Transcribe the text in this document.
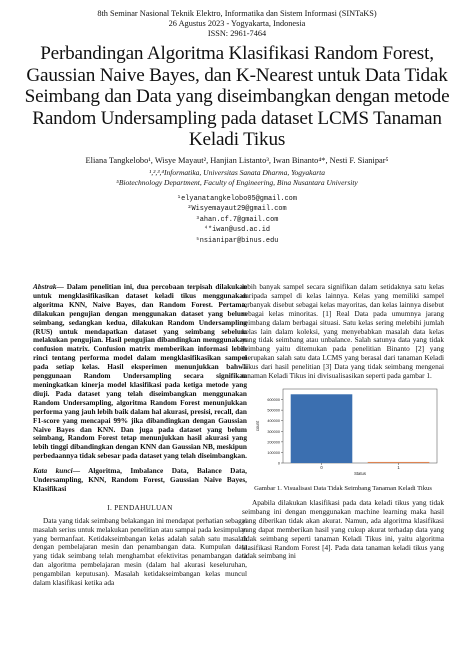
8th Seminar Nasional Teknik Elektro, Informatika dan Sistem Informasi (SINTaKS)
26 Agustus 2023 - Yogyakarta, Indonesia
ISSN: 2961-7464
Perbandingan Algoritma Klasifikasi Random Forest, Gaussian Naive Bayes, dan K-Nearest untuk Data Tidak Seimbang dan Data yang diseimbangkan dengan metode Random Undersampling pada dataset LCMS Tanaman Keladi Tikus
Eliana Tangkelobo¹, Wisye Mayaut², Hanjian Listanto³, Iwan Binanto⁴*, Nesti F. Sianipar⁵
¹,²,³,⁴Informatika, Universitas Sanata Dharma, Yogyakarta
⁵Biotechnology Department, Faculty of Engineering, Bina Nusantara University
¹elyanatangkelobo05@gmail.com
²Wisyemayaut29@gmail.com
³ahan.cf.7@gmail.com
⁴*iwan@usd.ac.id
⁵nsianipar@binus.edu

Abstrak— Dalam penelitian ini, dua percobaan terpisah dilakukan untuk mengklasifikasikan dataset keladi tikus menggunakan algoritma KNN, Naive Bayes, dan Random Forest. Pertama, dilakukan pengujian dengan menggunakan dataset yang belum seimbang, sedangkan kedua, dilakukan Random Undersampling (RUS) untuk mendapatkan dataset yang seimbang sebelum melakukan pengujian. Hasil pengujian dibandingkan menggunakan confusion matrix. Confusion matrix memberikan informasi lebih rinci tentang performa model dalam mengklasifikasikan sampel pada setiap kelas. Hasil eksperimen menunjukkan bahwa penggunaan Random Undersampling secara signifikan meningkatkan kinerja model klasifikasi pada ketiga metode yang diuji. Pada dataset yang telah diseimbangkan menggunakan Random Undersampling, algoritma Random Forest menunjukkan performa yang jauh lebih baik dalam hal akurasi, presisi, recall, dan F1-score yang mencapai 99% jika dibandingkan dengan Gaussian Naive Bayes dan KNN. Dan juga pada dataset yang belum seimbang, Random Forest tetap menunjukkan hasil akurasi yang lebih tinggi dibandingkan dengan KNN dan Gaussian NB, meskipun perbedaannya tidak sebesar pada dataset yang telah diseimbangkan.

Kata kunci— Algoritma, Imbalance Data, Balance Data, Undersampling, KNN, Random Forest, Gaussian Naive Bayes, Klasifikasi

I. PENDAHULUAN

Data yang tidak seimbang belakangan ini mendapat perhatian sebagai masalah serius untuk melakukan penelitian atau sampai pada kesimpulan yang bermanfaat. Ketidakseimbangan kelas adalah salah satu masalah dengan pembelajaran mesin dan penambangan data. Kumpulan data yang tidak seimbang telah menghambat efektivitas penambangan data dan algoritma pembelajaran mesin (dalam hal akurasi keseluruhan, pengambilan keputusan). Masalah ketidakseimbangan kelas muncul dalam klasifikasi ketika ada

lebih banyak sampel secara signifikan dalam setidaknya satu kelas daripada sampel di kelas lainnya. Kelas yang memiliki sampel terbanyak disebut sebagai kelas mayoritas, dan kelas lainnya disebut sebagai kelas minoritas. [1] Real Data pada umumnya jarang seimbang dalam berbagai situasi. Satu kelas sering melebihi jumlah kelas lain dalam koleksi, yang menyebabkan masalah data kelas yang tidak seimbang atau unbalance. Salah satunya data yang tidak seimbang yaitu ditemukan pada penelitian Binanto [2] yang merupakan salah satu data LCMS yang berasal dari tanaman Keladi Tikus dari hasil penelitian [3] Data yang tidak seimbang mengenai tanaman Keladi Tikus ini divisualisasikan seperti pada gambar 1.

0
100000
200000
300000
400000
500000
600000
count
0	1
Status
Gambar 1. Visualisasi Data Tidak Seimbang Tanaman Keladi Tikus

Apabila dilakukan klasifikasi pada data keladi tikus yang tidak seimbang ini dengan menggunakan machine learning maka hasil yang diberikan tidak akan akurat. Namun, ada algoritma klasifikasi yang dapat memberikan hasil yang cukup akurat terhadap data yang tidak seimbang seperti tanaman Keladi Tikus ini, yaitu algoritma klasifikasi Random Forest [4]. Pada data tanaman keladi tikus yang tidak seimbang ini
